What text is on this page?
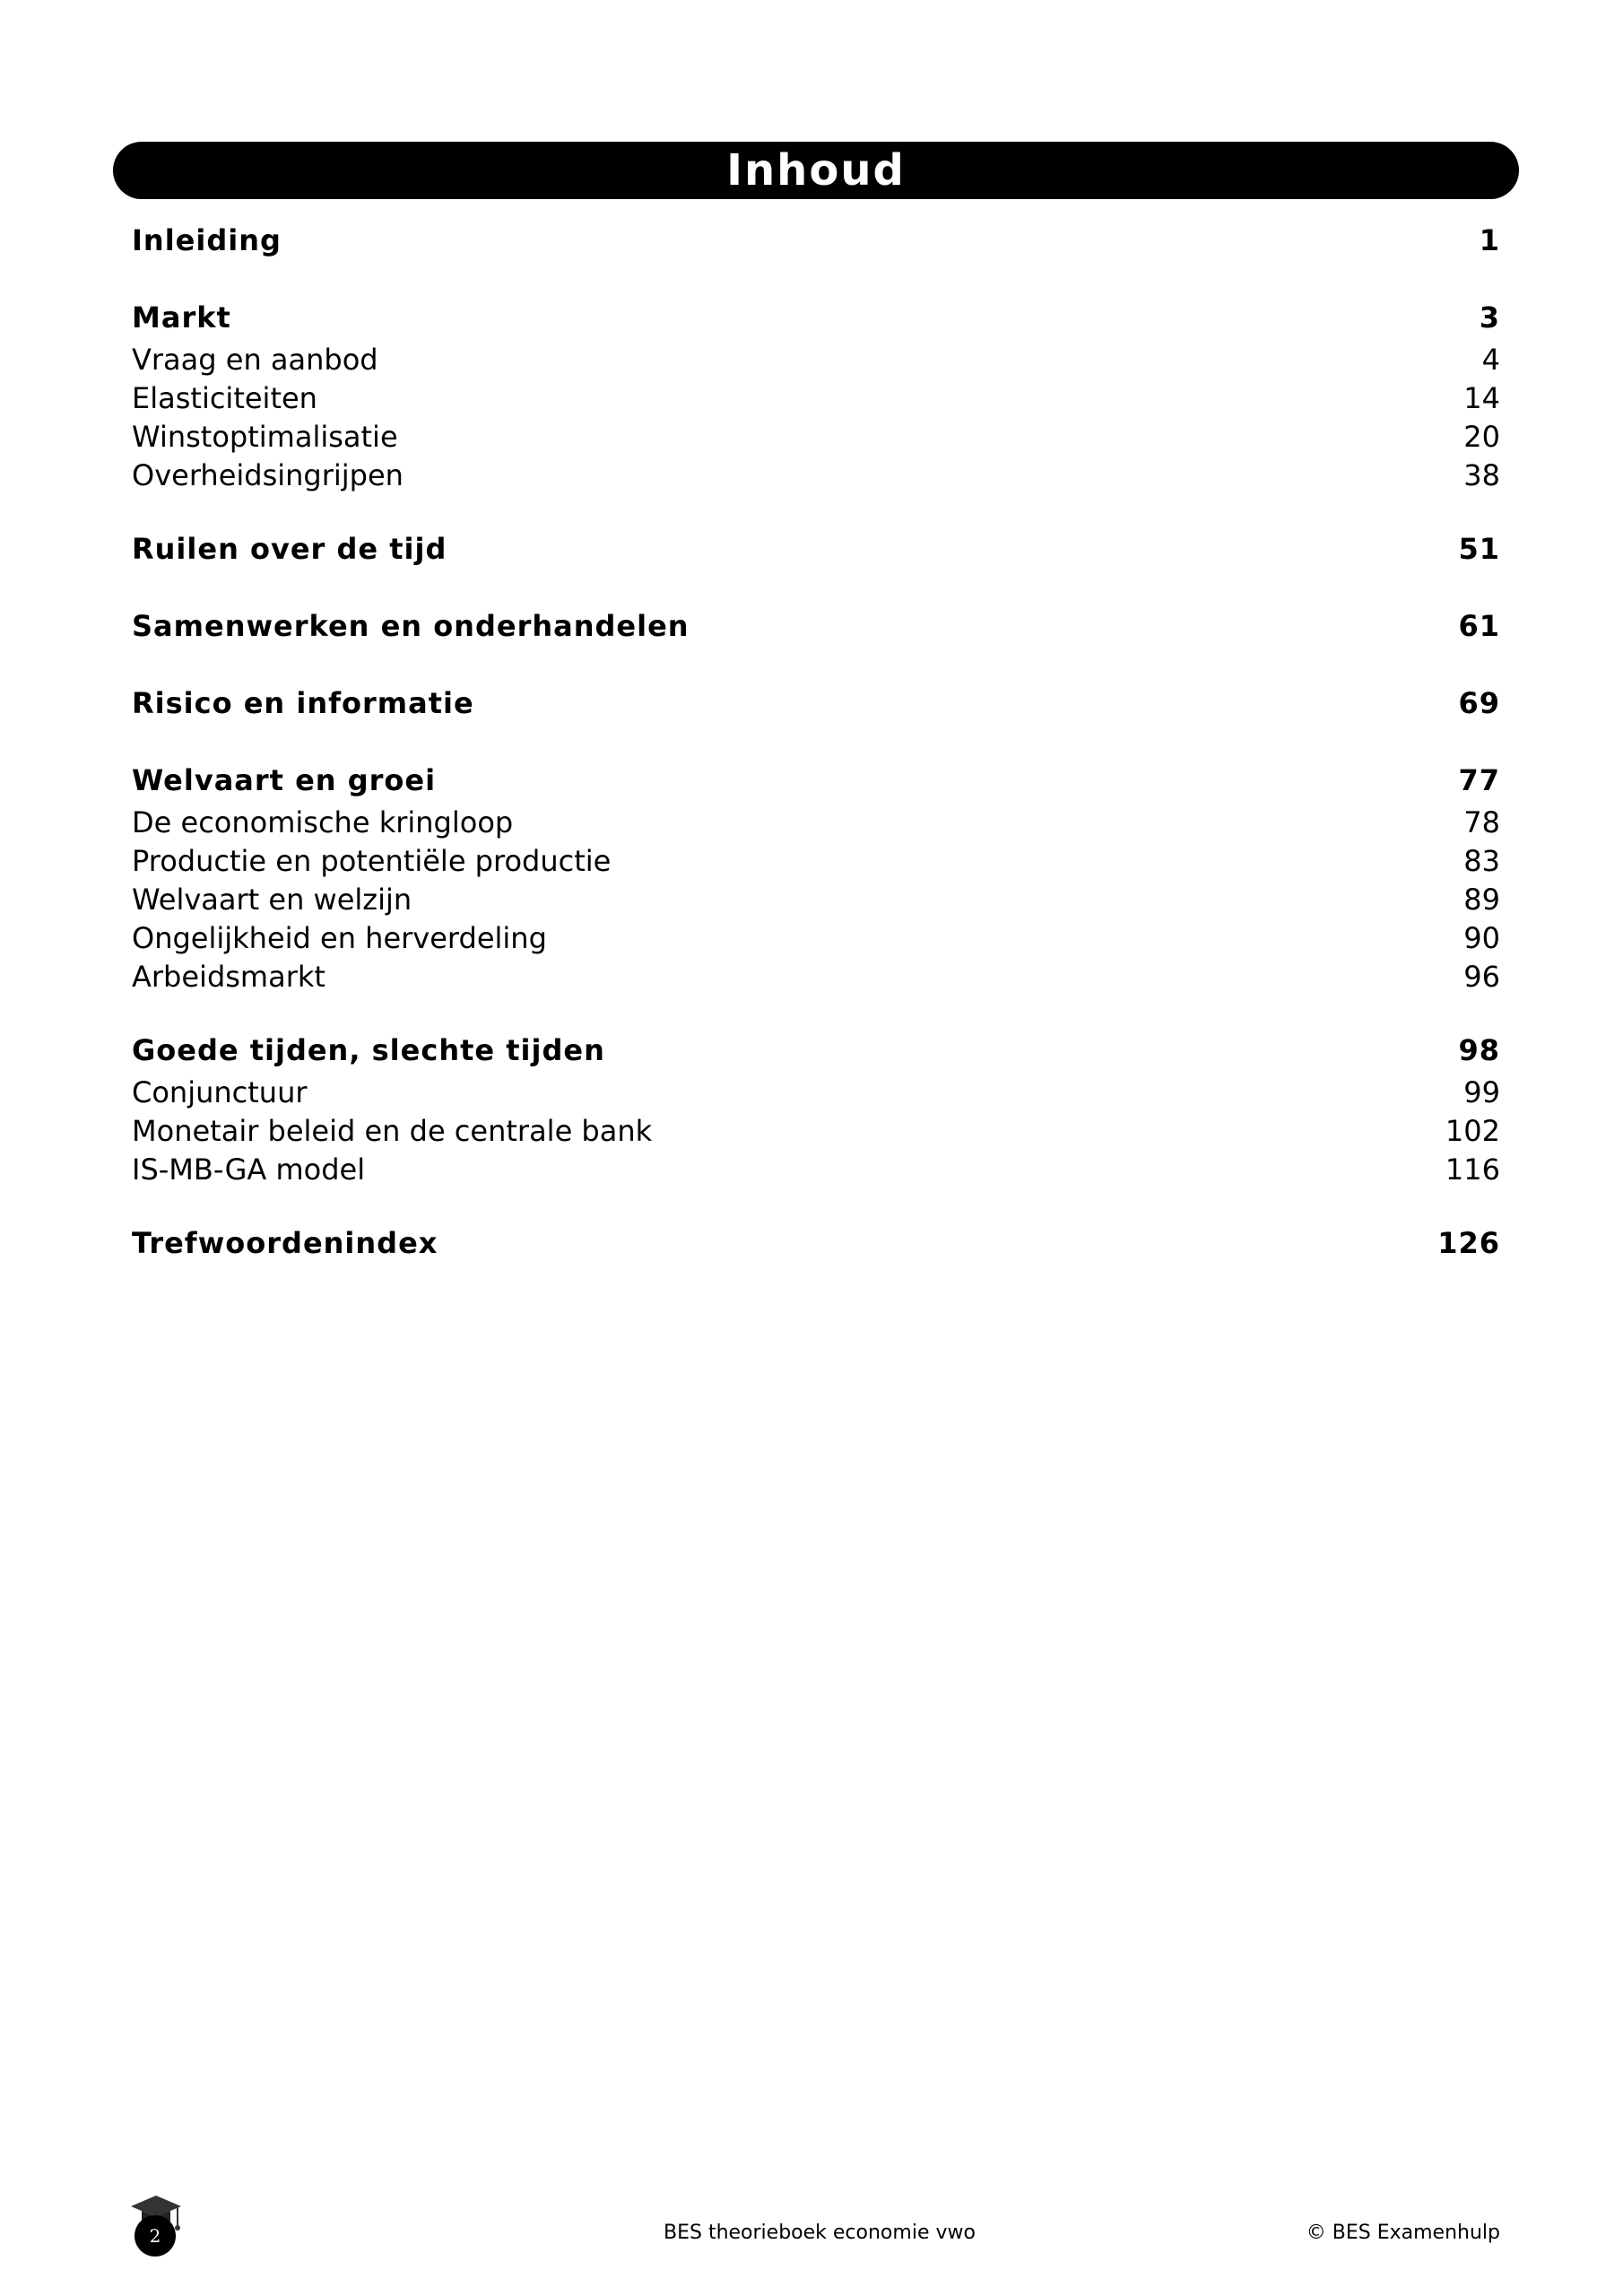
Inhoud
Inleiding	1
Markt	3
Vraag en aanbod	4
Elasticiteiten	14
Winstoptimalisatie	20
Overheidsingrijpen	38
Ruilen over de tijd	51
Samenwerken en onderhandelen	61
Risico en informatie	69
Welvaart en groei	77
De economische kringloop	78
Productie en potentiële productie	83
Welvaart en welzijn	89
Ongelijkheid en herverdeling	90
Arbeidsmarkt	96
Goede tijden, slechte tijden	98
Conjunctuur	99
Monetair beleid en de centrale bank	102
IS-MB-GA model	116
Trefwoordenindex	126
2	BES theorieboek economie vwo	© BES Examenhulp
